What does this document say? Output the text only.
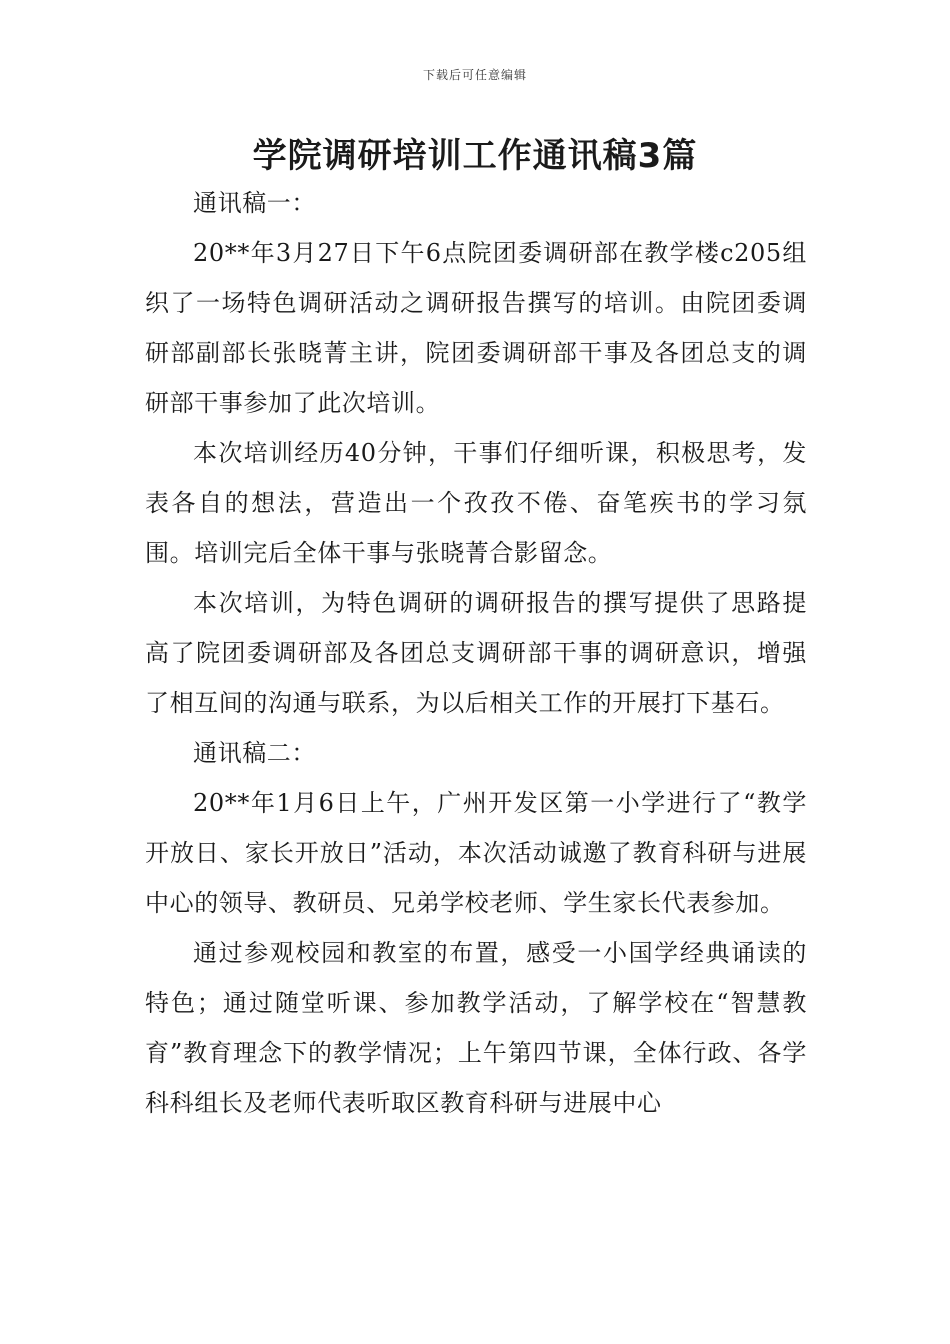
下载后可任意编辑
学院调研培训工作通讯稿3篇

通讯稿一：

20**年3月27日下午6点院团委调研部在教学楼c205组织了一场特色调研活动之调研报告撰写的培训。由院团委调研部副部长张晓菁主讲，院团委调研部干事及各团总支的调研部干事参加了此次培训。

本次培训经历40分钟，干事们仔细听课，积极思考，发表各自的想法，营造出一个孜孜不倦、奋笔疾书的学习氛围。培训完后全体干事与张晓菁合影留念。

本次培训，为特色调研的调研报告的撰写提供了思路提高了院团委调研部及各团总支调研部干事的调研意识，增强了相互间的沟通与联系，为以后相关工作的开展打下基石。

通讯稿二：

20**年1月6日上午，广州开发区第一小学进行了“教学开放日、家长开放日”活动，本次活动诚邀了教育科研与进展中心的领导、教研员、兄弟学校老师、学生家长代表参加。

通过参观校园和教室的布置，感受一小国学经典诵读的特色；通过随堂听课、参加教学活动，了解学校在“智慧教育”教育理念下的教学情况；上午第四节课，全体行政、各学科科组长及老师代表听取区教育科研与进展中心
